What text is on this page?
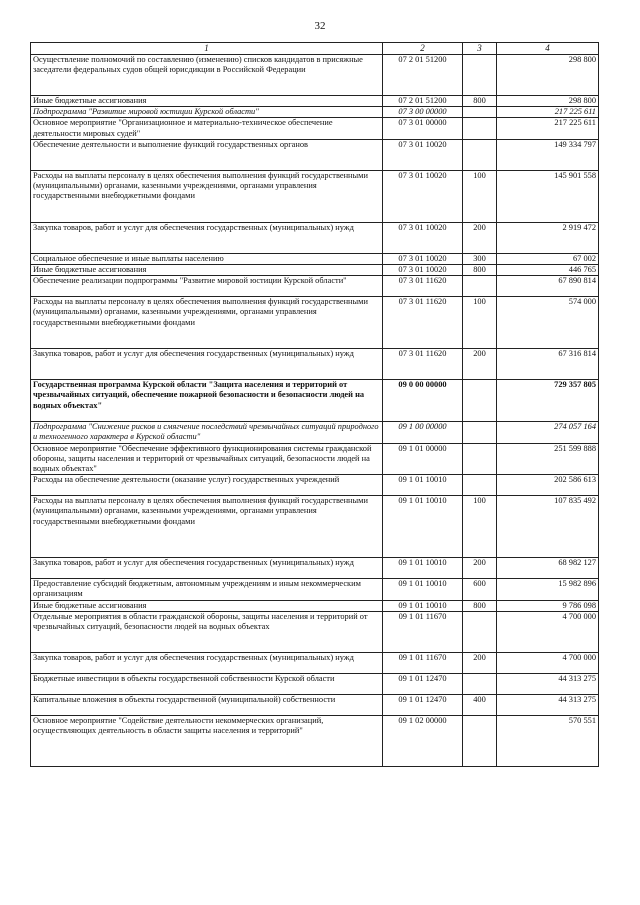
32
1	2	3	4
Осуществление полномочий по составлению (изменению) списков кандидатов в присяжные заседатели федеральных судов общей юрисдикции в Российской Федерации	07 2 01 51200		298 800
Иные бюджетные ассигнования	07 2 01 51200	800	298 800
Подпрограмма "Развитие мировой юстиции Курской области"	07 3 00 00000		217 225 611
Основное мероприятие "Организационное и материально-техническое обеспечение деятельности мировых судей"	07 3 01 00000		217 225 611
Обеспечение деятельности и выполнение функций государственных органов	07 3 01 10020		149 334 797
Расходы на выплаты персоналу в целях обеспечения выполнения функций государственными (муниципальными) органами, казенными учреждениями, органами управления государственными внебюджетными фондами	07 3 01 10020	100	145 901 558
Закупка товаров, работ и услуг для обеспечения государственных (муниципальных) нужд	07 3 01 10020	200	2 919 472
Социальное обеспечение и иные выплаты населению	07 3 01 10020	300	67 002
Иные бюджетные ассигнования	07 3 01 10020	800	446 765
Обеспечение реализации подпрограммы "Развитие мировой юстиции Курской области"	07 3 01 11620		67 890 814
Расходы на выплаты персоналу в целях обеспечения выполнения функций государственными (муниципальными) органами, казенными учреждениями, органами управления государственными внебюджетными фондами	07 3 01 11620	100	574 000
Закупка товаров, работ и услуг для обеспечения государственных (муниципальных) нужд	07 3 01 11620	200	67 316 814
Государственная программа Курской области "Защита населения и территорий от чрезвычайных ситуаций, обеспечение пожарной безопасности и безопасности людей на водных объектах"	09 0 00 00000		729 357 805
Подпрограмма "Снижение рисков и смягчение последствий чрезвычайных ситуаций природного и техногенного характера в Курской области"	09 1 00 00000		274 057 164
Основное мероприятие "Обеспечение эффективного функционирования системы гражданской обороны, защиты населения и территорий от чрезвычайных ситуаций, безопасности людей на водных объектах"	09 1 01 00000		251 599 888
Расходы на обеспечение деятельности (оказание услуг) государственных учреждений	09 1 01 10010		202 586 613
Расходы на выплаты персоналу в целях обеспечения выполнения функций государственными (муниципальными) органами, казенными учреждениями, органами управления государственными внебюджетными фондами	09 1 01 10010	100	107 835 492
Закупка товаров, работ и услуг для обеспечения государственных (муниципальных) нужд	09 1 01 10010	200	68 982 127
Предоставление субсидий бюджетным, автономным учреждениям и иным некоммерческим организациям	09 1 01 10010	600	15 982 896
Иные бюджетные ассигнования	09 1 01 10010	800	9 786 098
Отдельные мероприятия в области гражданской обороны, защиты населения и территорий от чрезвычайных ситуаций, безопасности людей на водных объектах	09 1 01 11670		4 700 000
Закупка товаров, работ и услуг для обеспечения государственных (муниципальных) нужд	09 1 01 11670	200	4 700 000
Бюджетные инвестиции в объекты государственной собственности Курской области	09 1 01 12470		44 313 275
Капитальные вложения в объекты государственной (муниципальной) собственности	09 1 01 12470	400	44 313 275
Основное мероприятие "Содействие деятельности некоммерческих организаций, осуществляющих деятельность в области защиты населения и территорий"	09 1 02 00000		570 551
